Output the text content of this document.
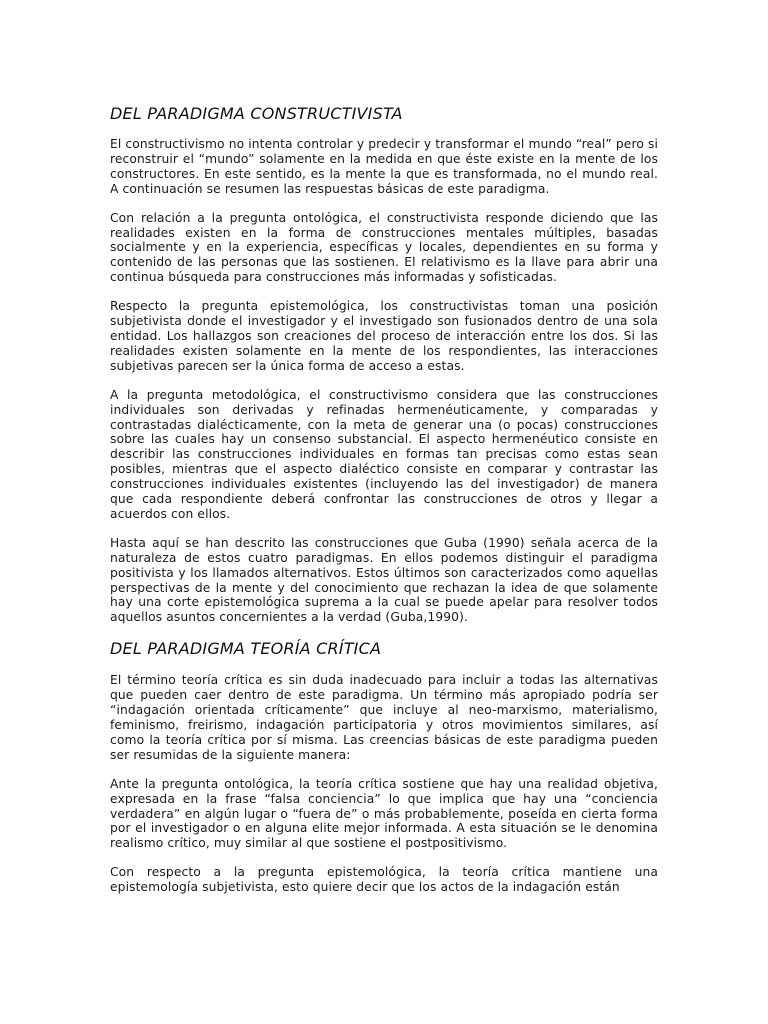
DEL PARADIGMA CONSTRUCTIVISTA

El constructivismo no intenta controlar y predecir y transformar el mundo “real” pero si reconstruir el “mundo” solamente en la medida en que éste existe en la mente de los constructores. En este sentido, es la mente la que es transformada, no el mundo real. A continuación se resumen las respuestas básicas de este paradigma.

Con relación a la pregunta ontológica, el constructivista responde diciendo que las realidades existen en la forma de construcciones mentales múltiples, basadas socialmente y en la experiencia, específicas y locales, dependientes en su forma y contenido de las personas que las sostienen. El relativismo es la llave para abrir una continua búsqueda para construcciones más informadas y sofisticadas.

Respecto la pregunta epistemológica, los constructivistas toman una posición subjetivista donde el investigador y el investigado son fusionados dentro de una sola entidad. Los hallazgos son creaciones del proceso de interacción entre los dos. Si las realidades existen solamente en la mente de los respondientes, las interacciones subjetivas parecen ser la única forma de acceso a estas.

A la pregunta metodológica, el constructivismo considera que las construcciones individuales son derivadas y refinadas hermenéuticamente, y comparadas y contrastadas dialécticamente, con la meta de generar una (o pocas) construcciones sobre las cuales hay un consenso substancial. El aspecto hermenéutico consiste en describir las construcciones individuales en formas tan precisas como estas sean posibles, mientras que el aspecto dialéctico consiste en comparar y contrastar las construcciones individuales existentes (incluyendo las del investigador) de manera que cada respondiente deberá confrontar las construcciones de otros y llegar a acuerdos con ellos.

Hasta aquí se han descrito las construcciones que Guba (1990) señala acerca de la naturaleza de estos cuatro paradigmas. En ellos podemos distinguir el paradigma positivista y los llamados alternativos. Estos últimos son caracterizados como aquellas perspectivas de la mente y del conocimiento que rechazan la idea de que solamente hay una corte epistemológica suprema a la cual se puede apelar para resolver todos aquellos asuntos concernientes a la verdad (Guba,1990).

DEL PARADIGMA TEORÍA CRÍTICA

El término teoría crítica es sin duda inadecuado para incluir a todas las alternativas que pueden caer dentro de este paradigma. Un término más apropiado podría ser “indagación orientada críticamente” que incluye al neo-marxismo, materialismo, feminismo, freirismo, indagación participatoria y otros movimientos similares, así como la teoría crítica por sí misma. Las creencias básicas de este paradigma pueden ser resumidas de la siguiente manera:

Ante la pregunta ontológica, la teoría crítica sostiene que hay una realidad objetiva, expresada en la frase “falsa conciencia” lo que implica que hay una “conciencia verdadera” en algún lugar o “fuera de” o más probablemente, poseída en cierta forma por el investigador o en alguna elite mejor informada. A esta situación se le denomina realismo crítico, muy similar al que sostiene el postpositivismo.

Con respecto a la pregunta epistemológica, la teoría crítica mantiene una epistemología subjetivista, esto quiere decir que los actos de la indagación están
